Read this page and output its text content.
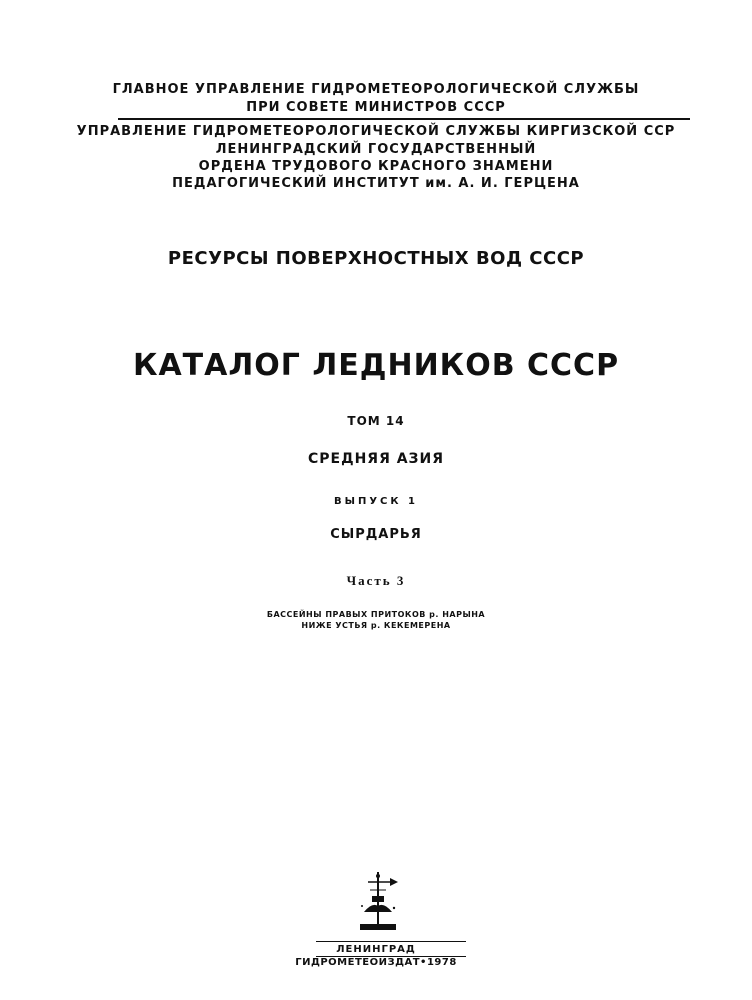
ГЛАВНОЕ УПРАВЛЕНИЕ ГИДРОМЕТЕОРОЛОГИЧЕСКОЙ СЛУЖБЫ
ПРИ СОВЕТЕ МИНИСТРОВ СССР
УПРАВЛЕНИЕ ГИДРОМЕТЕОРОЛОГИЧЕСКОЙ СЛУЖБЫ КИРГИЗСКОЙ ССР
ЛЕНИНГРАДСКИЙ ГОСУДАРСТВЕННЫЙ
ОРДЕНА ТРУДОВОГО КРАСНОГО ЗНАМЕНИ
ПЕДАГОГИЧЕСКИЙ ИНСТИТУТ им. А. И. ГЕРЦЕНА
РЕСУРСЫ ПОВЕРХНОСТНЫХ ВОД СССР
КАТАЛОГ ЛЕДНИКОВ СССР
ТОМ 14
СРЕДНЯЯ АЗИЯ
ВЫПУСК 1
СЫРДАРЬЯ
Часть 3
БАССЕЙНЫ ПРАВЫХ ПРИТОКОВ р. НАРЫНА
НИЖЕ УСТЬЯ р. КЕКЕМЕРЕНА
ЛЕНИНГРАД
ГИДРОМЕТЕОИЗДАТ•1978
